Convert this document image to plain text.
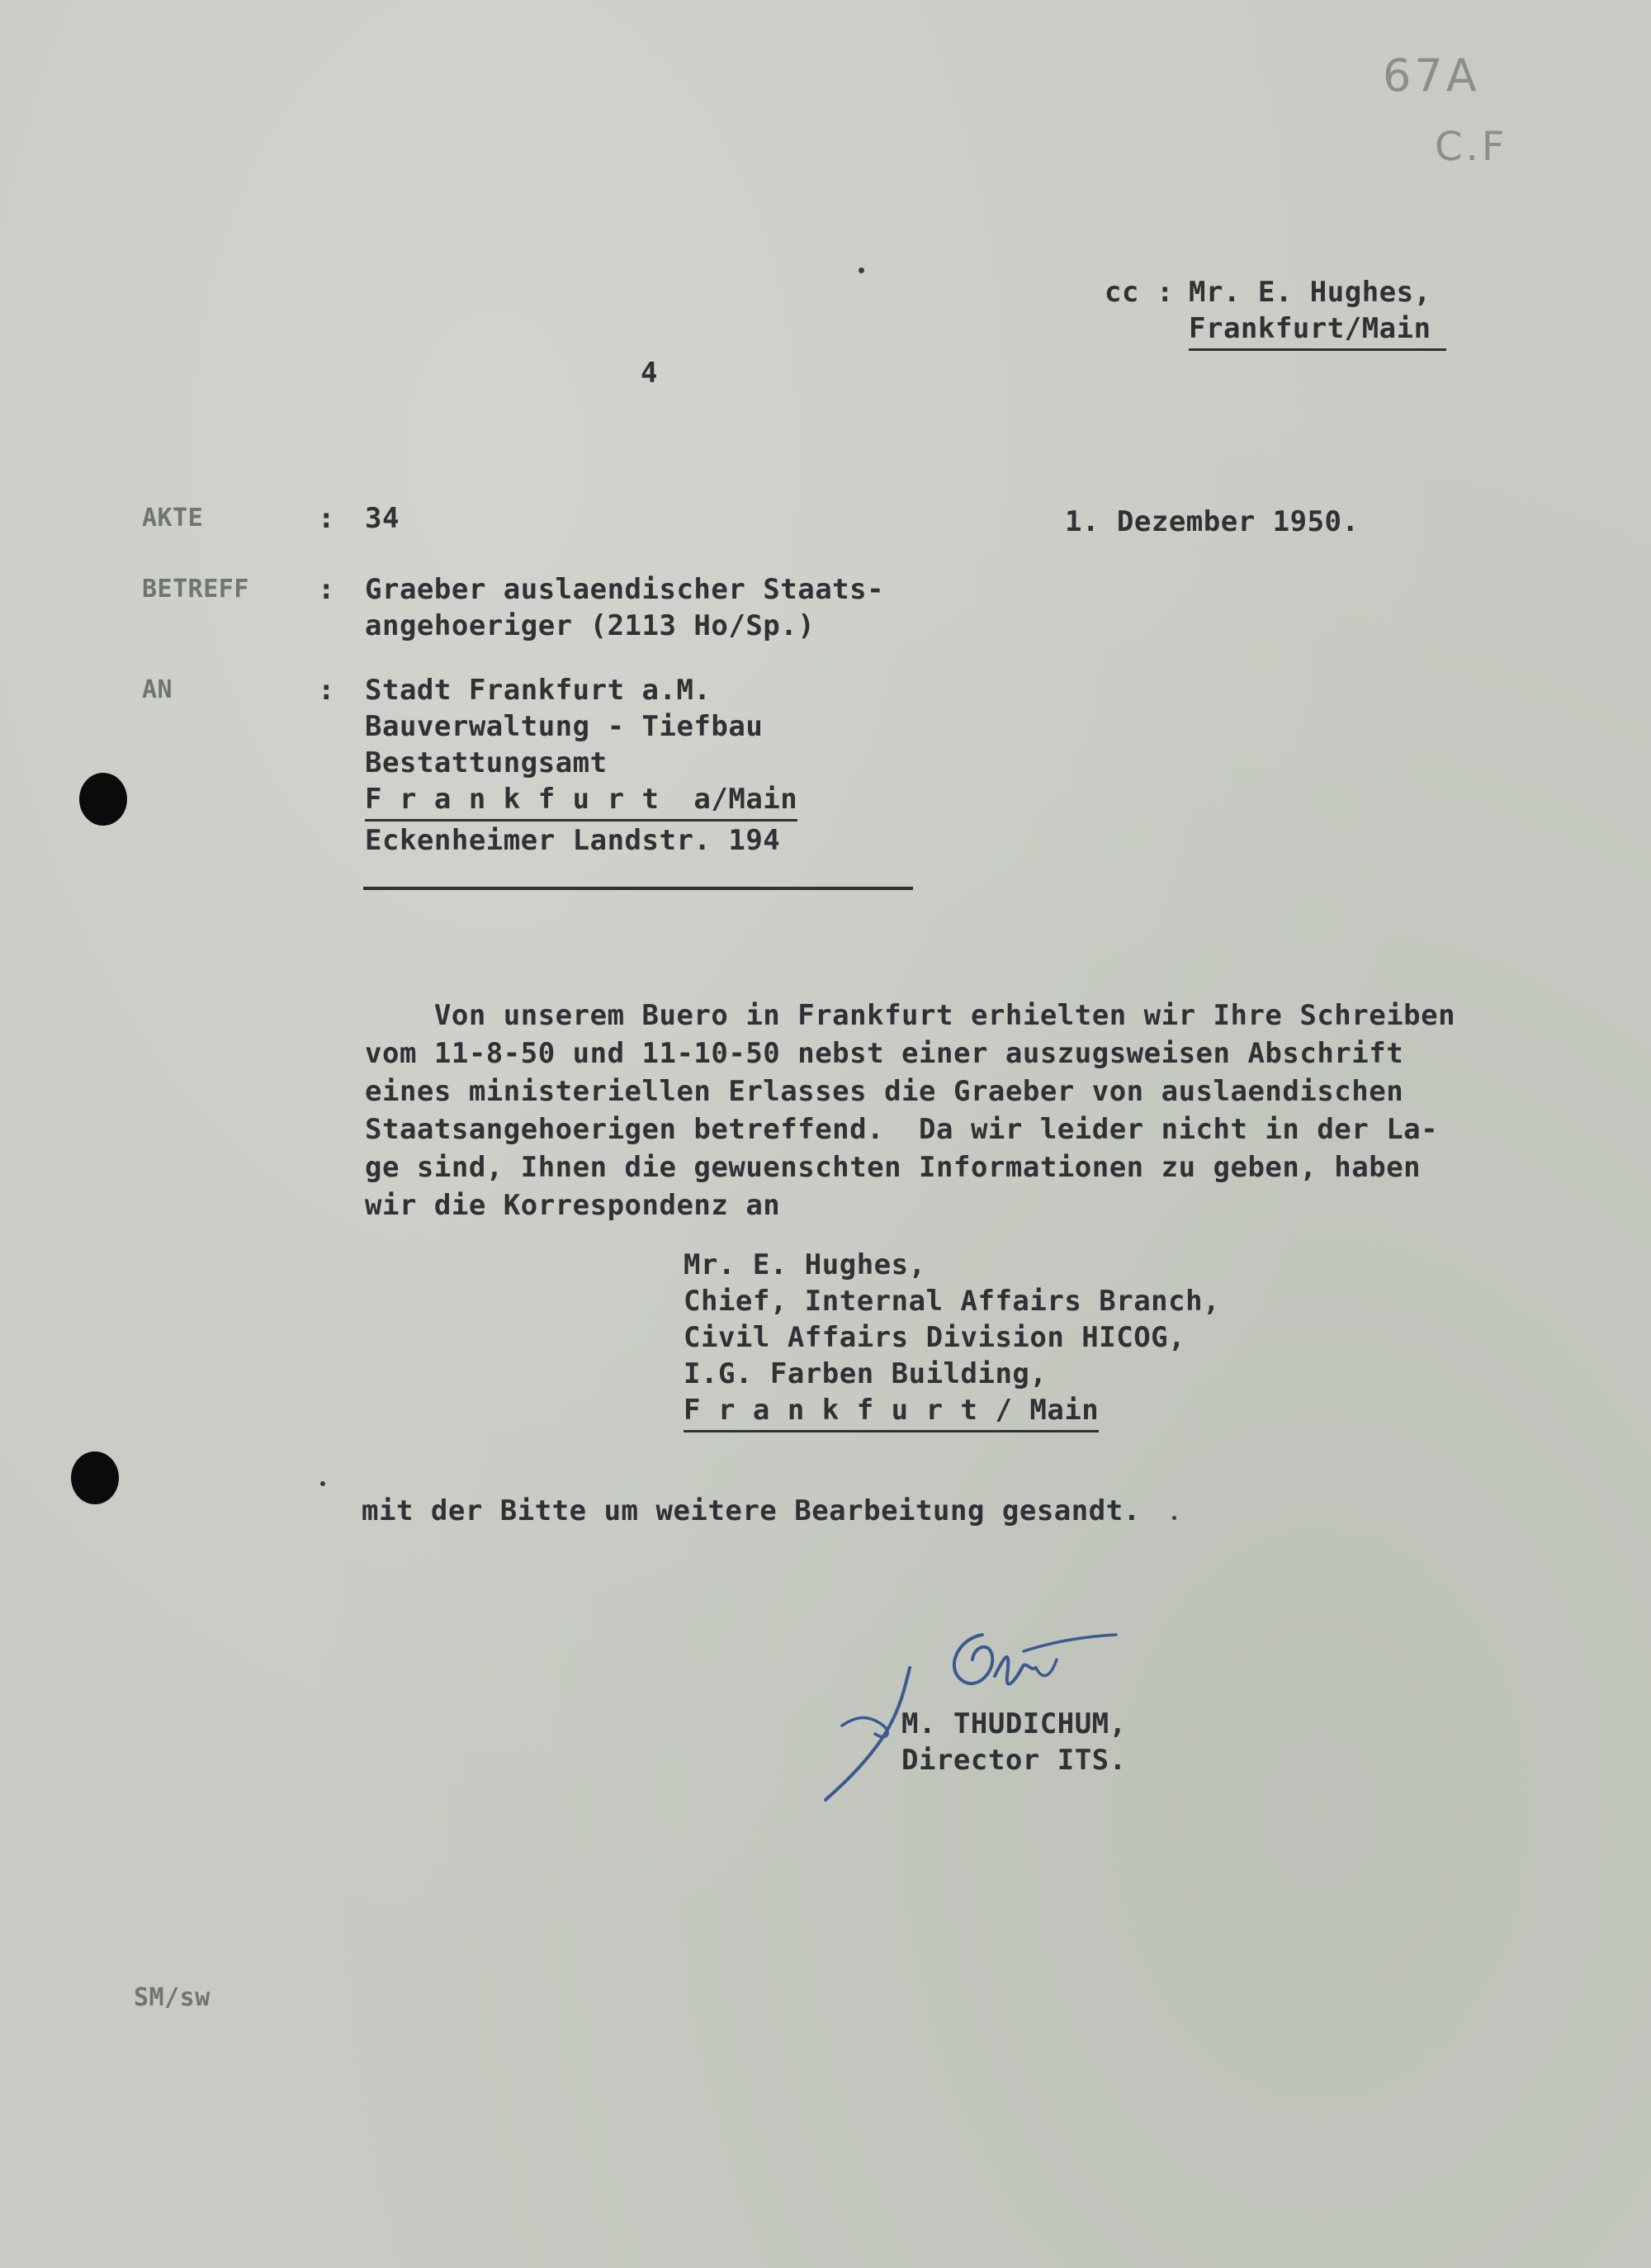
67A
C.F
cc : Mr. E. Hughes,
Frankfurt/Main
4
AKTE	: 34	1. Dezember 1950.
BETREFF : Graeber auslaendischer Staats-
angehoeriger (2113 Ho/Sp.)
AN	: Stadt Frankfurt a.M.
Bauverwaltung - Tiefbau
Bestattungsamt
F r a n k f u r t  a/Main
Eckenheimer Landstr. 194
Von unserem Buero in Frankfurt erhielten wir Ihre Schreiben
vom 11-8-50 und 11-10-50 nebst einer auszugsweisen Abschrift
eines ministeriellen Erlasses die Graeber von auslaendischen
Staatsangehoerigen betreffend.  Da wir leider nicht in der La-
ge sind, Ihnen die gewuenschten Informationen zu geben, haben
wir die Korrespondenz an
Mr. E. Hughes,
Chief, Internal Affairs Branch,
Civil Affairs Division HICOG,
I.G. Farben Building,
F r a n k f u r t / Main
mit der Bitte um weitere Bearbeitung gesandt.
M. THUDICHUM,
Director ITS.
SM/sw
